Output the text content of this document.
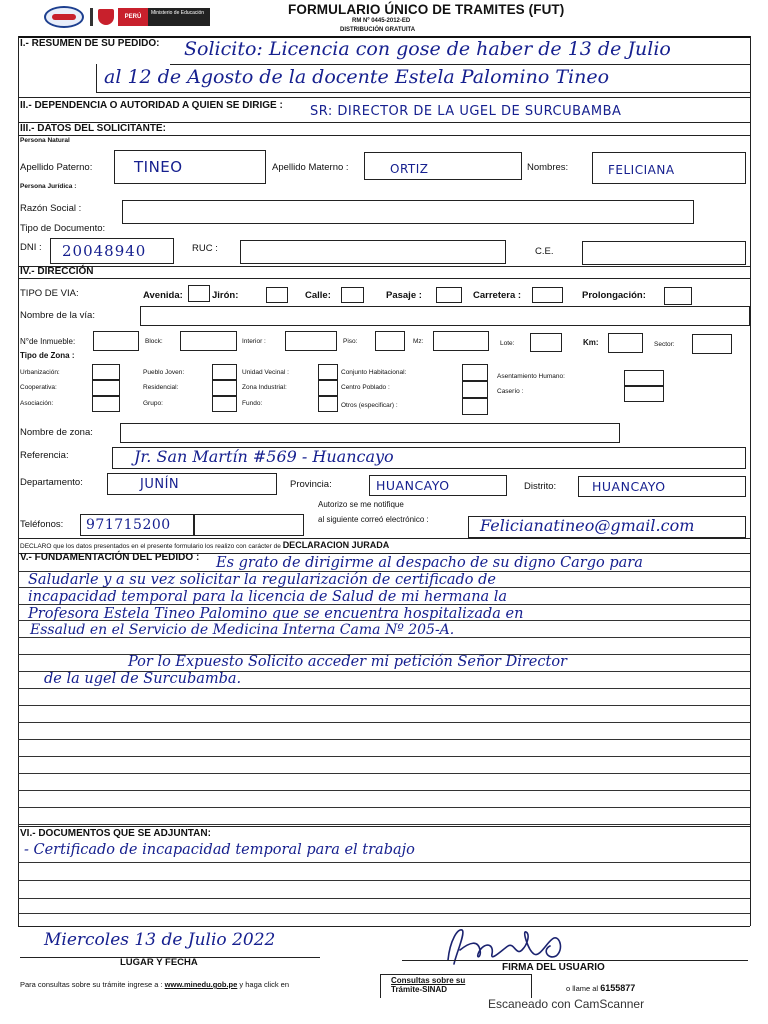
PERÚ
Ministerio de Educación	FORMULARIO ÚNICO DE TRAMITES (FUT)
RM Nº 0445-2012-ED
DISTRIBUCIÓN GRATUITA
I.- RESUMEN DE SU PEDIDO: Solicito: Licencia con gose de haber de 13 de Julio
al 12 de Agosto de la docente Estela Palomino Tineo
II.- DEPENDENCIA O AUTORIDAD A QUIEN SE DIRIGE : SR: DIRECTOR DE LA UGEL DE SURCUBAMBA
III.- DATOS DEL SOLICITANTE:
Persona Natural
Apellido Paterno:	TINEO	Apellido Materno :	ORTIZ	Nombres:	FELICIANA
Persona Jurídica :
Razón Social :
Tipo de Documento:
DNI : 20048940	RUC :	C.E.
IV.- DIRECCIÓN
TIPO DE VIA:	Avenida:	Jirón:	Calle:	Pasaje :	Carretera :	Prolongación:
Nombre de la vía:
N°de Inmueble:	Block:	Interior :	Piso:	Mz:	Lote:	Km:	Sector:
Tipo de Zona :
Urbanización:
Cooperativa:
Asociación:
Pueblo Joven:
Residencial:
Grupo:
Unidad Vecinal :
Zona Industrial:
Fundo:
Conjunto Habitacional:
Centro Poblado :
Otros (especificar) :
Asentamiento Humano:
Caserío :
Nombre de zona:
Referencia:	Jr. San Martín #569 - Huancayo
Departamento:	JUNÍN	Provincia:	HUANCAYO	Distrito:	HUANCAYO
Autorizo se me notifique
al siguiente correó electrónico :
Teléfonos: 971715200	Felicianatineo@gmail.com
DECLARO que los datos presentados en el presente formulario los realizo con carácter de DECLARACION JURADA
V.- FUNDAMENTACIÓN DEL PEDIDO : Es grato de dirigirme al despacho de su digno Cargo para
Saludarle y a su vez solicitar la regularización de certificado de
incapacidad temporal para la licencia de Salud de mi hermana la
Profesora Estela Tineo Palomino que se encuentra hospitalizada en
Essalud en el Servicio de Medicina Interna Cama Nº 205-A.
Por lo Expuesto Solicito acceder mi petición Señor Director
de la ugel de Surcubamba.
VI.- DOCUMENTOS QUE SE ADJUNTAN:
- Certificado de incapacidad temporal para el trabajo
Miercoles 13 de Julio 2022
LUGAR Y FECHA	FIRMA DEL USUARIO
Para consultas sobre su trámite ingrese a : www.minedu.gob.pe y haga click en	Consultas sobre su
Trámite-SINAD	o llame al 6155877
Escaneado con CamScanner
